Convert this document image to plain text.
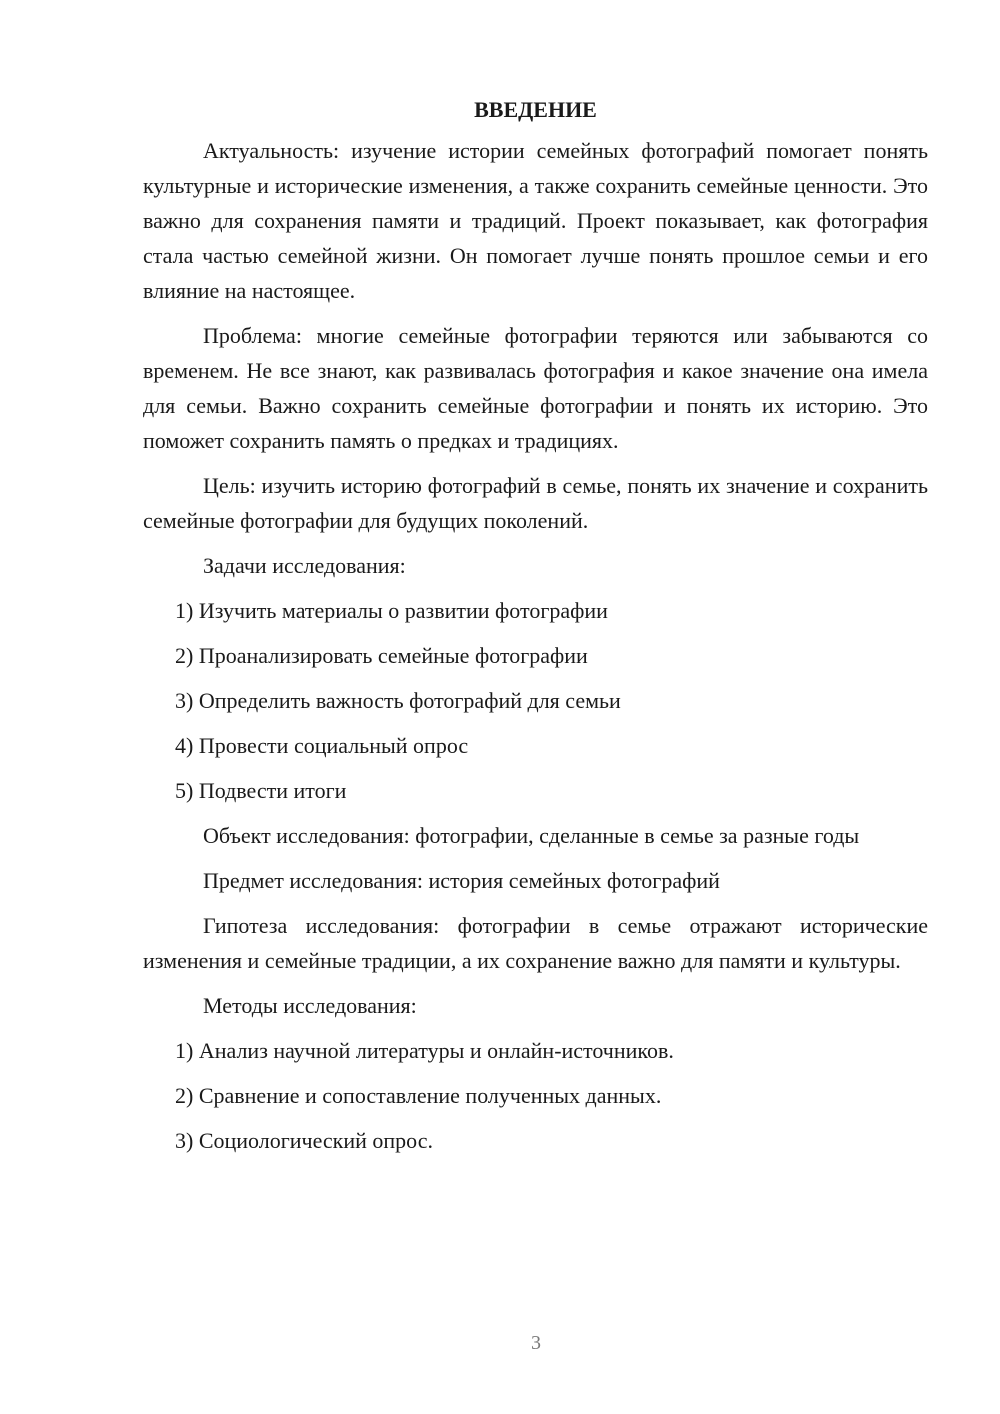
ВВЕДЕНИЕ

Актуальность: изучение истории семейных фотографий помогает понять культурные и исторические изменения, а также сохранить семейные ценности. Это важно для сохранения памяти и традиций. Проект показывает, как фотография стала частью семейной жизни. Он помогает лучше понять прошлое семьи и его влияние на настоящее.

Проблема: многие семейные фотографии теряются или забываются со временем. Не все знают, как развивалась фотография и какое значение она имела для семьи. Важно сохранить семейные фотографии и понять их историю. Это поможет сохранить память о предках и традициях.

Цель: изучить историю фотографий в семье, понять их значение и сохранить семейные фотографии для будущих поколений.

Задачи исследования:

1) Изучить материалы о развитии фотографии

2) Проанализировать семейные фотографии

3) Определить важность фотографий для семьи

4) Провести социальный опрос

5) Подвести итоги

Объект исследования: фотографии, сделанные в семье за разные годы

Предмет исследования: история семейных фотографий

Гипотеза исследования: фотографии в семье отражают исторические изменения и семейные традиции, а их сохранение важно для памяти и культуры.

Методы исследования:

1) Анализ научной литературы и онлайн-источников.

2) Сравнение и сопоставление полученных данных.

3) Социологический опрос.

3
